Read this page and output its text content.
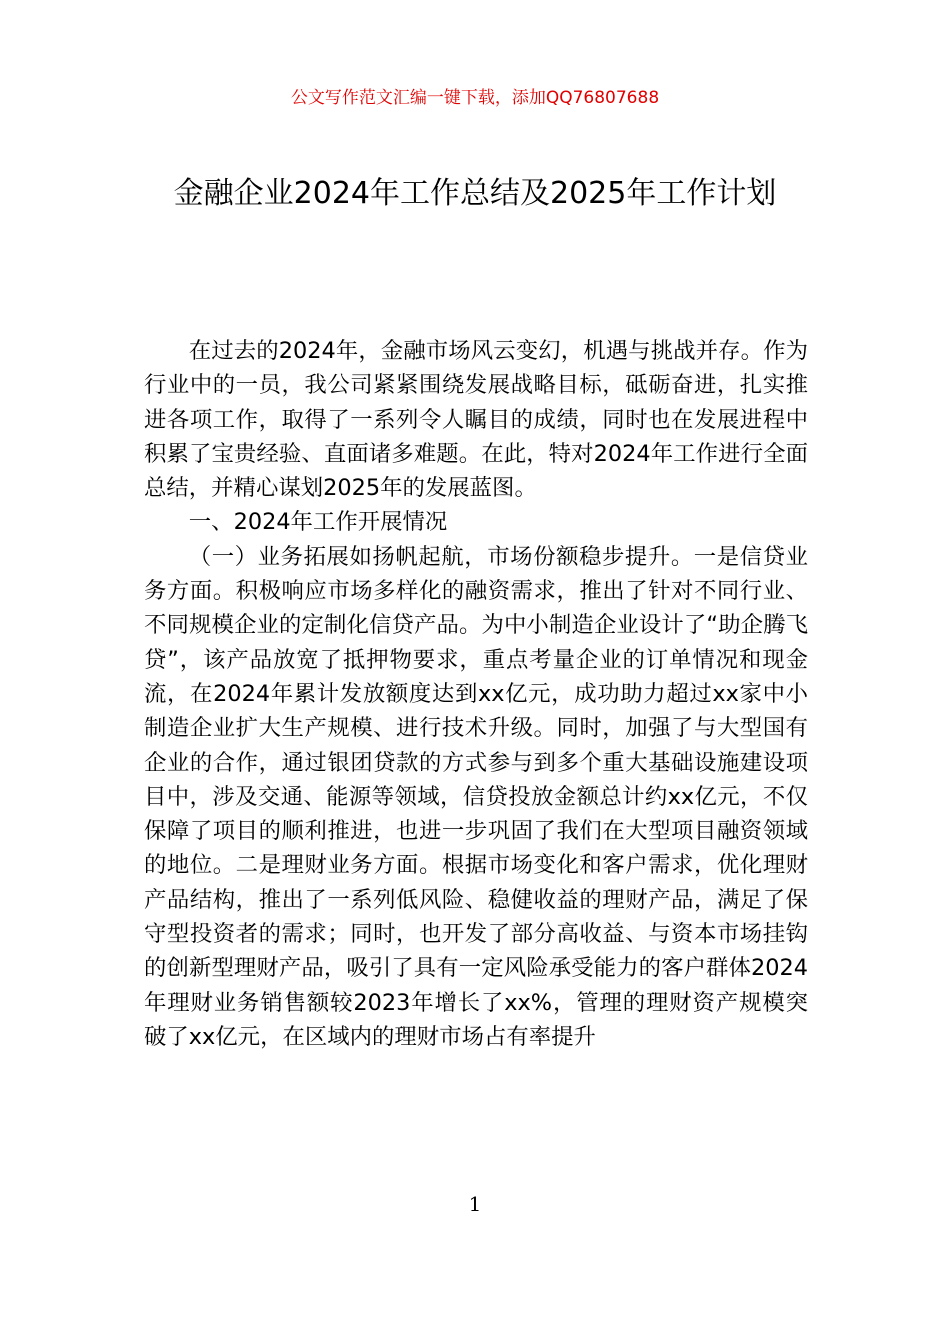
公文写作范文汇编一键下载，添加QQ76807688
金融企业2024年工作总结及2025年工作计划

在过去的2024年，金融市场风云变幻，机遇与挑战并存。作为行业中的一员，我公司紧紧围绕发展战略目标，砥砺奋进，扎实推进各项工作，取得了一系列令人瞩目的成绩，同时也在发展进程中积累了宝贵经验、直面诸多难题。在此，特对2024年工作进行全面总结，并精心谋划2025年的发展蓝图。

一、2024年工作开展情况

（一）业务拓展如扬帆起航，市场份额稳步提升。一是信贷业务方面。积极响应市场多样化的融资需求，推出了针对不同行业、不同规模企业的定制化信贷产品。为中小制造企业设计了“助企腾飞贷”，该产品放宽了抵押物要求，重点考量企业的订单情况和现金流，在2024年累计发放额度达到xx亿元，成功助力超过xx家中小制造企业扩大生产规模、进行技术升级。同时，加强了与大型国有企业的合作，通过银团贷款的方式参与到多个重大基础设施建设项目中，涉及交通、能源等领域，信贷投放金额总计约xx亿元，不仅保障了项目的顺利推进，也进一步巩固了我们在大型项目融资领域的地位。二是理财业务方面。根据市场变化和客户需求，优化理财产品结构，推出了一系列低风险、稳健收益的理财产品，满足了保守型投资者的需求；同时，也开发了部分高收益、与资本市场挂钩的创新型理财产品，吸引了具有一定风险承受能力的客户群体2024年理财业务销售额较2023年增长了xx%，管理的理财资产规模突破了xx亿元，在区域内的理财市场占有率提升

1
